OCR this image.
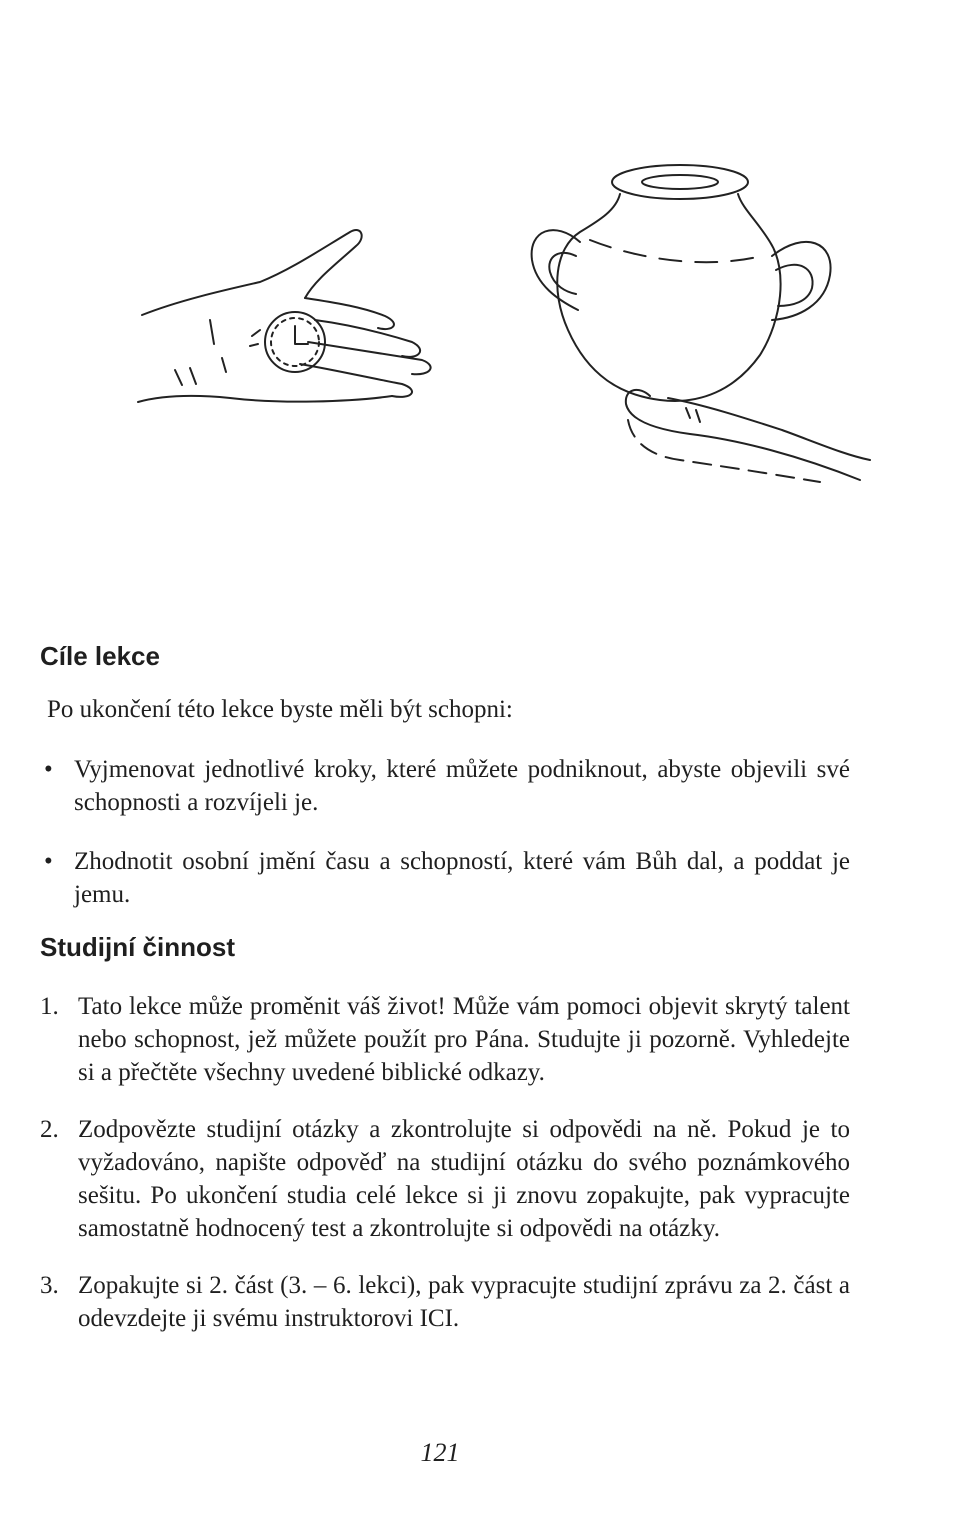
Cíle lekce

Po ukončení této lekce byste měli být schopni:

• Vyjmenovat jednotlivé kroky, které můžete podniknout, abyste objevili své schopnosti a rozvíjeli je.
• Zhodnotit osobní jmění času a schopností, které vám Bůh dal, a poddat je jemu.
Studijní činnost
1. Tato lekce může proměnit váš život! Může vám pomoci objevit skrytý talent nebo schopnost, jež můžete použít pro Pána. Studujte ji pozorně. Vyhledejte si a přečtěte všechny uvedené biblické odkazy.
2. Zodpovězte studijní otázky a zkontrolujte si odpovědi na ně. Pokud je to vyžadováno, napište odpověď na studijní otázku do svého poznámkového sešitu. Po ukončení studia celé lekce si ji znovu zopakujte, pak vypracujte samostatně hodnocený test a zkontrolujte si odpovědi na otázky.
3. Zopakujte si 2. část (3. – 6. lekci), pak vypracujte studijní zprávu za 2. část a odevzdejte ji svému instruktorovi ICI.
121
